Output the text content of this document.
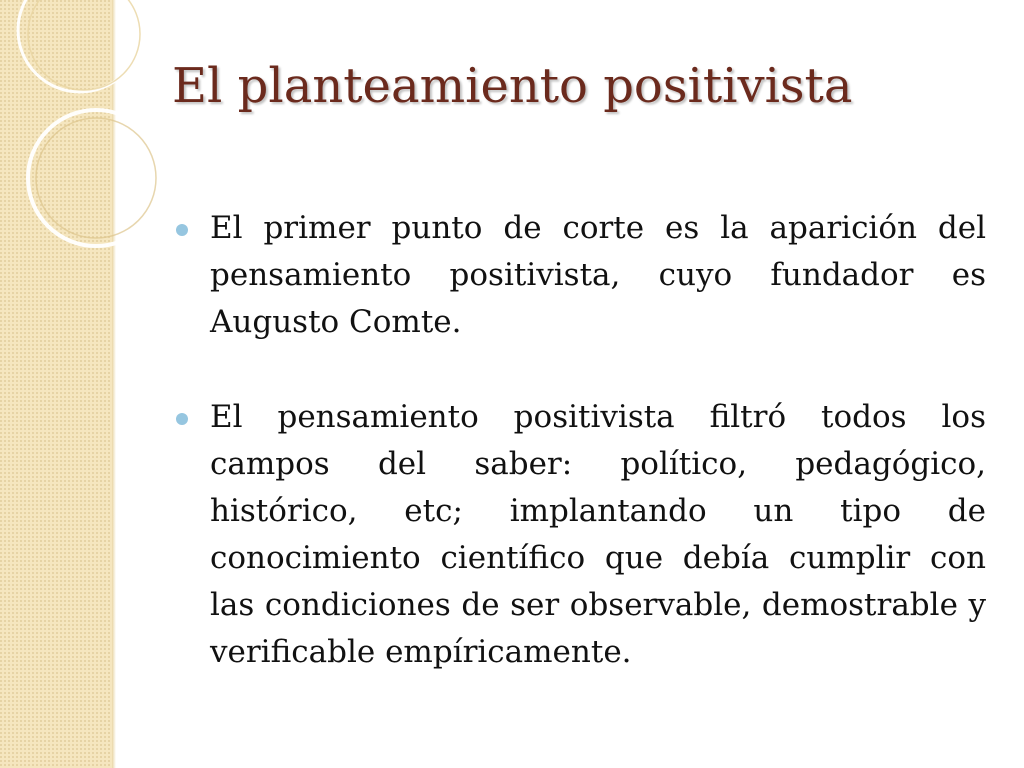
El planteamiento positivista

El primer punto de corte es la aparición del pensamiento positivista, cuyo fundador es Augusto Comte.

El pensamiento positivista filtró todos los campos del saber: político, pedagógico, histórico, etc; implantando un tipo de conocimiento científico que debía cumplir con las condiciones de ser observable, demostrable y verificable empíricamente.
